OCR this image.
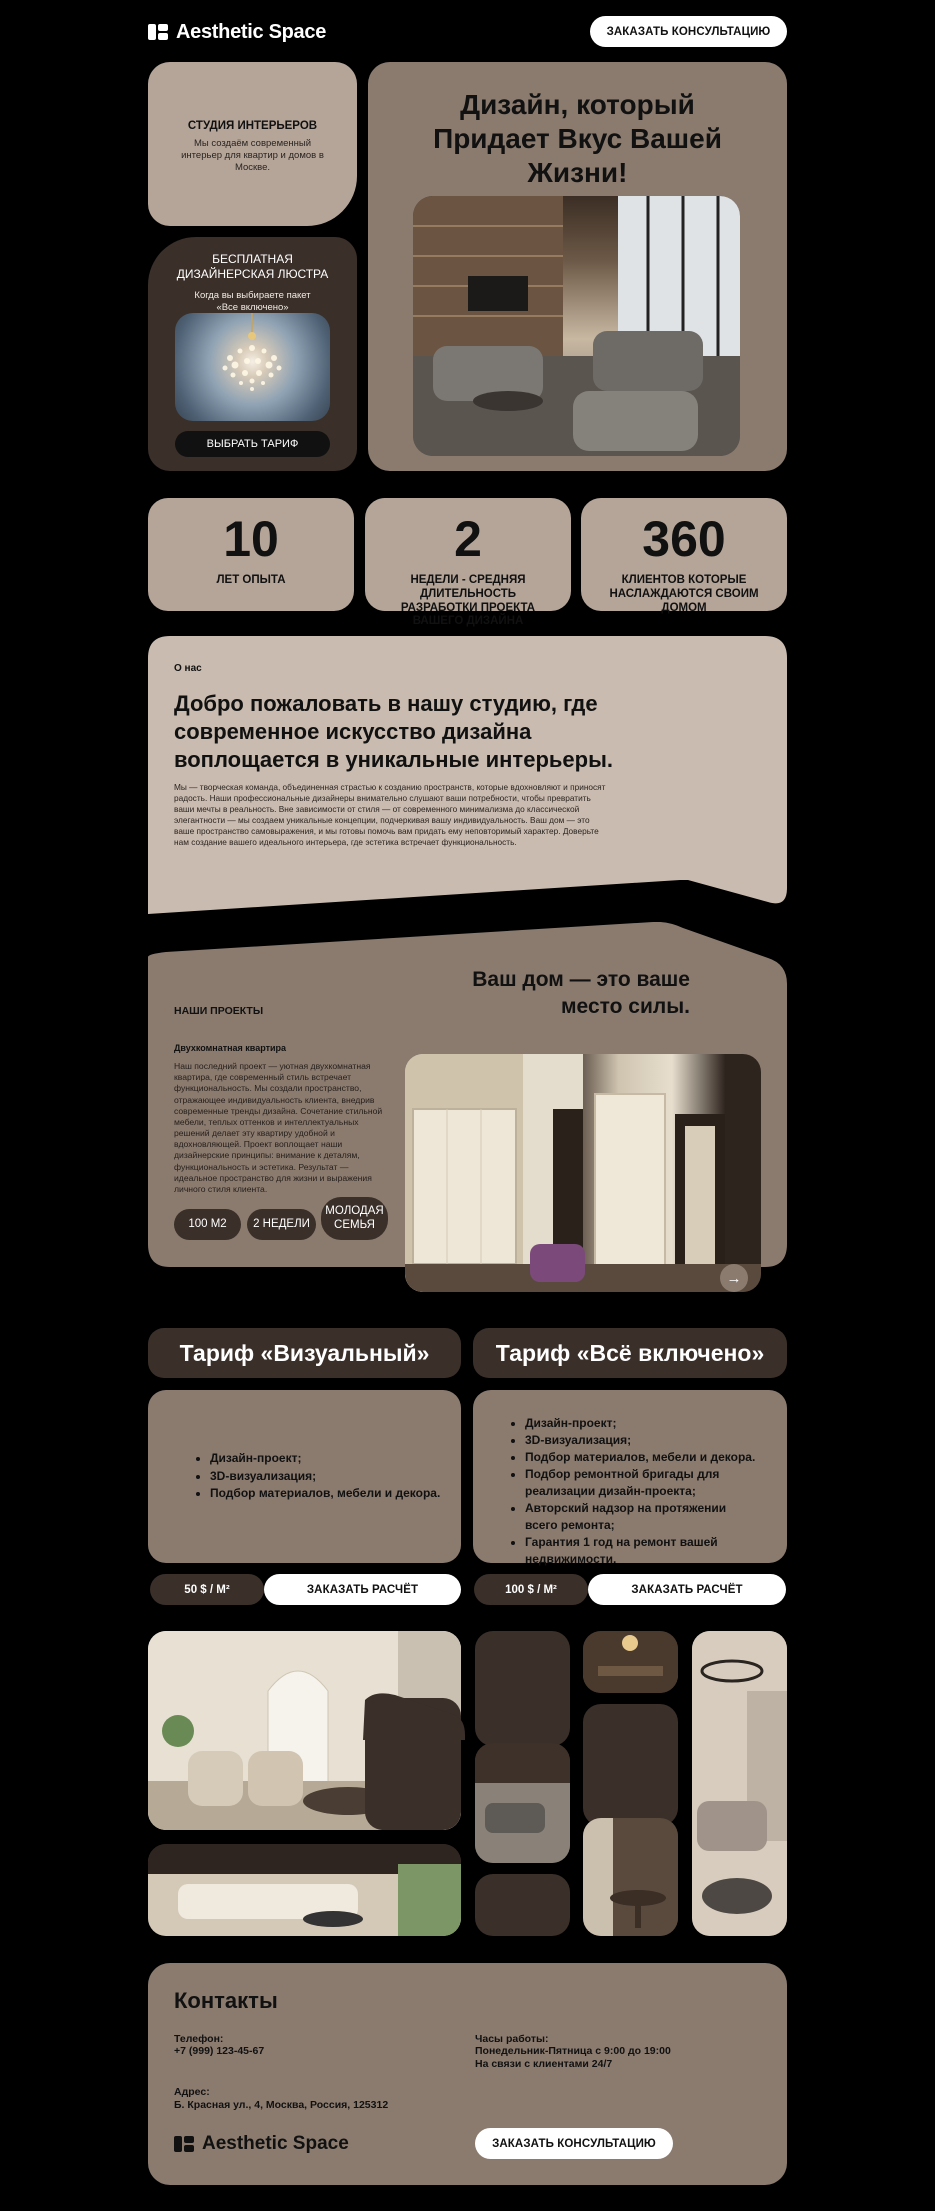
Aesthetic Space	ЗАКАЗАТЬ КОНСУЛЬТАЦИЮ
СТУДИЯ ИНТЕРЬЕРОВ
Мы создаём современный интерьер для квартир и домов в Москве.
БЕСПЛАТНАЯ ДИЗАЙНЕРСКАЯ ЛЮСТРА
Когда вы выбираете пакет «Все включено»
ВЫБРАТЬ ТАРИФ
Дизайн, который Придает Вкус Вашей Жизни!
10
ЛЕТ ОПЫТА
2
НЕДЕЛИ - СРЕДНЯЯ ДЛИТЕЛЬНОСТЬ РАЗРАБОТКИ ПРОЕКТА ВАШЕГО ДИЗАЙНА
360
КЛИЕНТОВ КОТОРЫЕ НАСЛАЖДАЮТСЯ СВОИМ ДОМОМ
О нас
Добро пожаловать в нашу студию, где современное искусство дизайна воплощается в уникальные интерьеры.
Мы — творческая команда, объединенная страстью к созданию пространств, которые вдохновляют и приносят радость. Наши профессиональные дизайнеры внимательно слушают ваши потребности, чтобы превратить ваши мечты в реальность. Вне зависимости от стиля — от современного минимализма до классической элегантности — мы создаем уникальные концепции, подчеркивая вашу индивидуальность. Ваш дом — это ваше пространство самовыражения, и мы готовы помочь вам придать ему неповторимый характер. Доверьте нам создание вашего идеального интерьера, где эстетика встречает функциональность.
НАШИ ПРОЕКТЫ
Ваш дом — это ваше место силы.
Двухкомнатная квартира
Наш последний проект — уютная двухкомнатная квартира, где современный стиль встречает функциональность. Мы создали пространство, отражающее индивидуальность клиента, внедрив современные тренды дизайна. Сочетание стильной мебели, теплых оттенков и интеллектуальных решений делает эту квартиру удобной и вдохновляющей. Проект воплощает наши дизайнерские принципы: внимание к деталям, функциональность и эстетика. Результат — идеальное пространство для жизни и выражения личного стиля клиента.
100 М2	2 НЕДЕЛИ
МОЛОДАЯ СЕМЬЯ
→
Тариф «Визуальный»	Тариф «Всё включено»
• Дизайн-проект;
• 3D-визуализация;
• Подбор материалов, мебели и декора.
• Дизайн-проект;
• 3D-визуализация;
• Подбор материалов, мебели и декора.
• Подбор ремонтной бригады для реализации дизайн-проекта;
• Авторский надзор на протяжении всего ремонта;
• Гарантия 1 год на ремонт вашей недвижимости.
50 $ / М²	ЗАКАЗАТЬ РАСЧЁТ	100 $ / М²	ЗАКАЗАТЬ РАСЧЁТ
Контакты
Телефон:
+7 (999) 123-45-67
Адрес:
Б. Красная ул., 4, Москва, Россия, 125312
Часы работы:
Понедельник-Пятница с 9:00 до 19:00
На связи с клиентами 24/7
Aesthetic Space	ЗАКАЗАТЬ КОНСУЛЬТАЦИЮ
